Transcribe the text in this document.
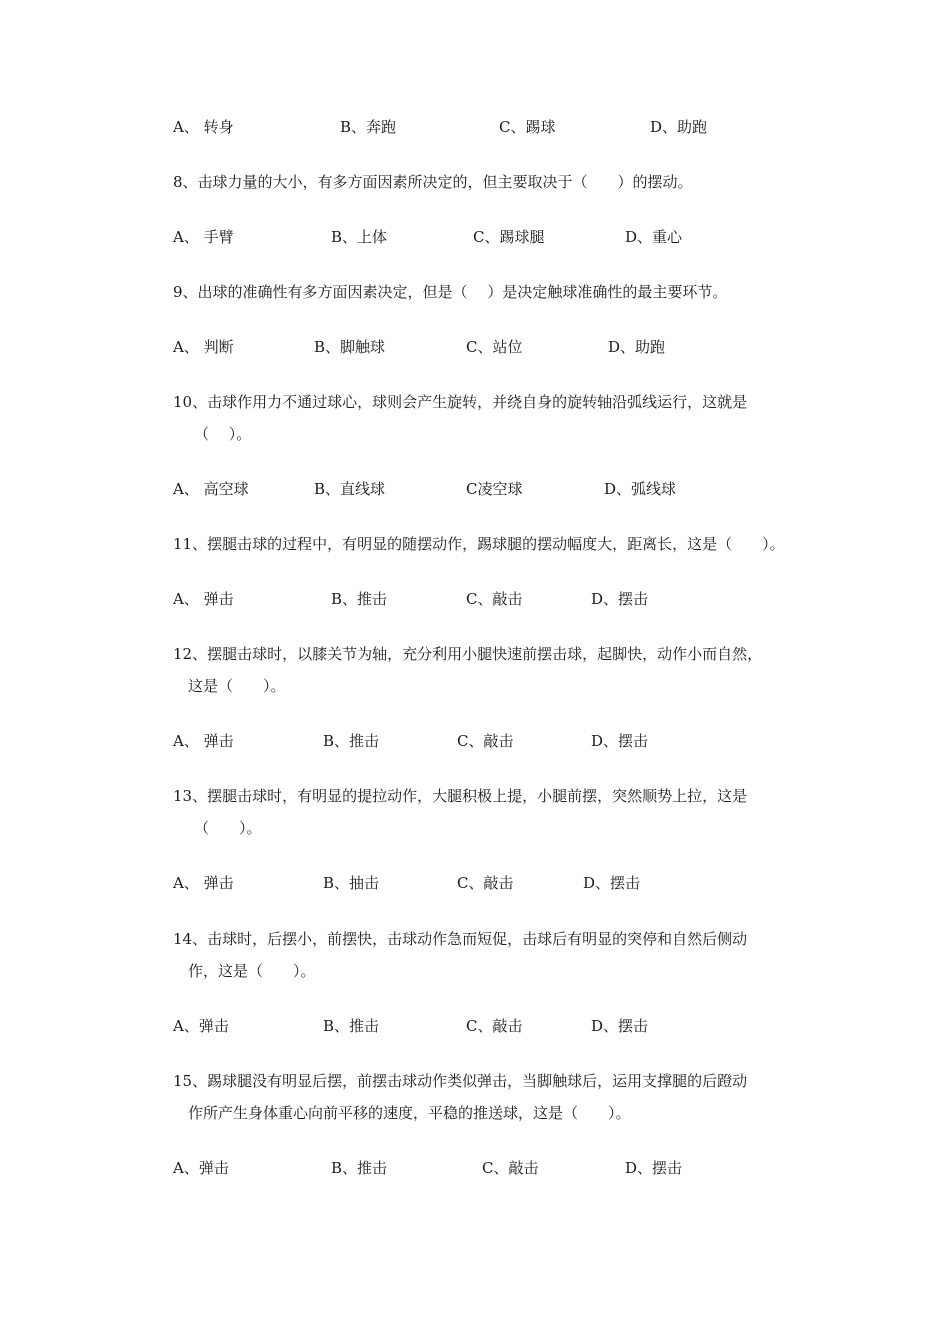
A、 转身	B、奔跑	C、踢球	D、助跑
8、击球力量的大小，有多方面因素所决定的，但主要取决于（　　）的摆动。
A、 手臂	B、上体	C、踢球腿	D、重心
9、出球的准确性有多方面因素决定，但是（　 ）是决定触球准确性的最主要环节。
A、 判断	B、脚触球	C、站位	D、助跑
10、击球作用力不通过球心，球则会产生旋转，并绕自身的旋转轴沿弧线运行，这就是
（　 ）。
A、 高空球	B、直线球	C凌空球	D、弧线球
11、摆腿击球的过程中，有明显的随摆动作，踢球腿的摆动幅度大，距离长，这是（　　）。
A、 弹击	B、推击	C、敲击	D、摆击
12、摆腿击球时，以膝关节为轴，充分利用小腿快速前摆击球，起脚快，动作小而自然，
这是（　　）。
A、 弹击	B、推击	C、敲击	D、摆击
13、摆腿击球时，有明显的提拉动作，大腿积极上提，小腿前摆，突然顺势上拉，这是
（　　）。
A、 弹击	B、抽击	C、敲击	D、摆击
14、击球时，后摆小，前摆快，击球动作急而短促，击球后有明显的突停和自然后侧动
作，这是（　　）。
A、弹击	B、推击	C、敲击	D、摆击
15、踢球腿没有明显后摆，前摆击球动作类似弹击，当脚触球后，运用支撑腿的后蹬动
作所产生身体重心向前平移的速度，平稳的推送球，这是（　　）。
A、弹击	B、推击	C、敲击	D、摆击
